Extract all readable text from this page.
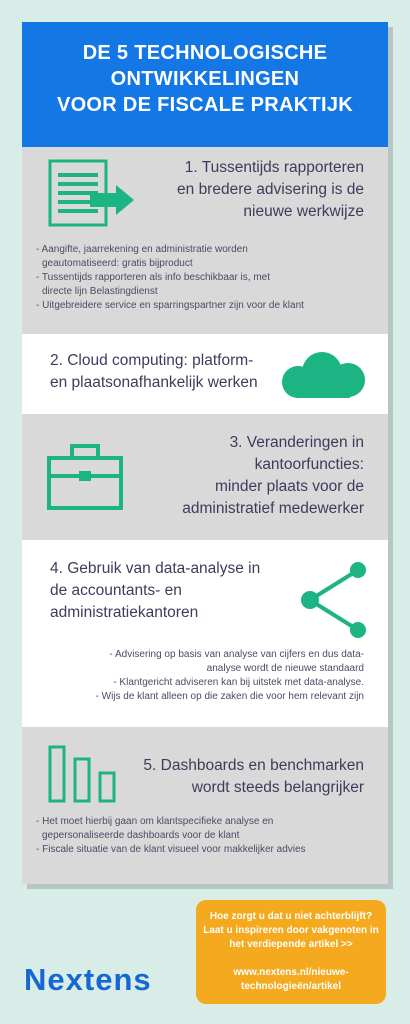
DE 5 TECHNOLOGISCHE
ONTWIKKELINGEN
VOOR DE FISCALE PRAKTIJK
1. Tussentijds rapporteren
en bredere advisering is de
nieuwe werkwijze
- Aangifte, jaarrekening en administratie worden
geautomatiseerd: gratis bijproduct
- Tussentijds rapporteren als info beschikbaar is, met
directe lijn Belastingdienst
- Uitgebreidere service en sparringspartner zijn voor de klant
2. Cloud computing: platform-
en plaatsonafhankelijk werken
3. Veranderingen in
kantoorfuncties:
minder plaats voor de
administratief medewerker
4. Gebruik van data-analyse in
de accountants- en
administratiekantoren
- Advisering op basis van analyse van cijfers en dus data-
analyse wordt de nieuwe standaard
- Klantgericht adviseren kan bij uitstek met data-analyse.
- Wijs de klant alleen op die zaken die voor hem relevant zijn
5. Dashboards en benchmarken
wordt steeds belangrijker
- Het moet hierbij gaan om klantspecifieke analyse en
gepersonaliseerde dashboards voor de klant
- Fiscale situatie van de klant visueel voor makkelijker advies
Nextens
Hoe zorgt u dat u niet achterblijft?
Laat u inspireren door vakgenoten in
het verdiepende artikel >>
www.nextens.nl/nieuwe-
technologieën/artikel
